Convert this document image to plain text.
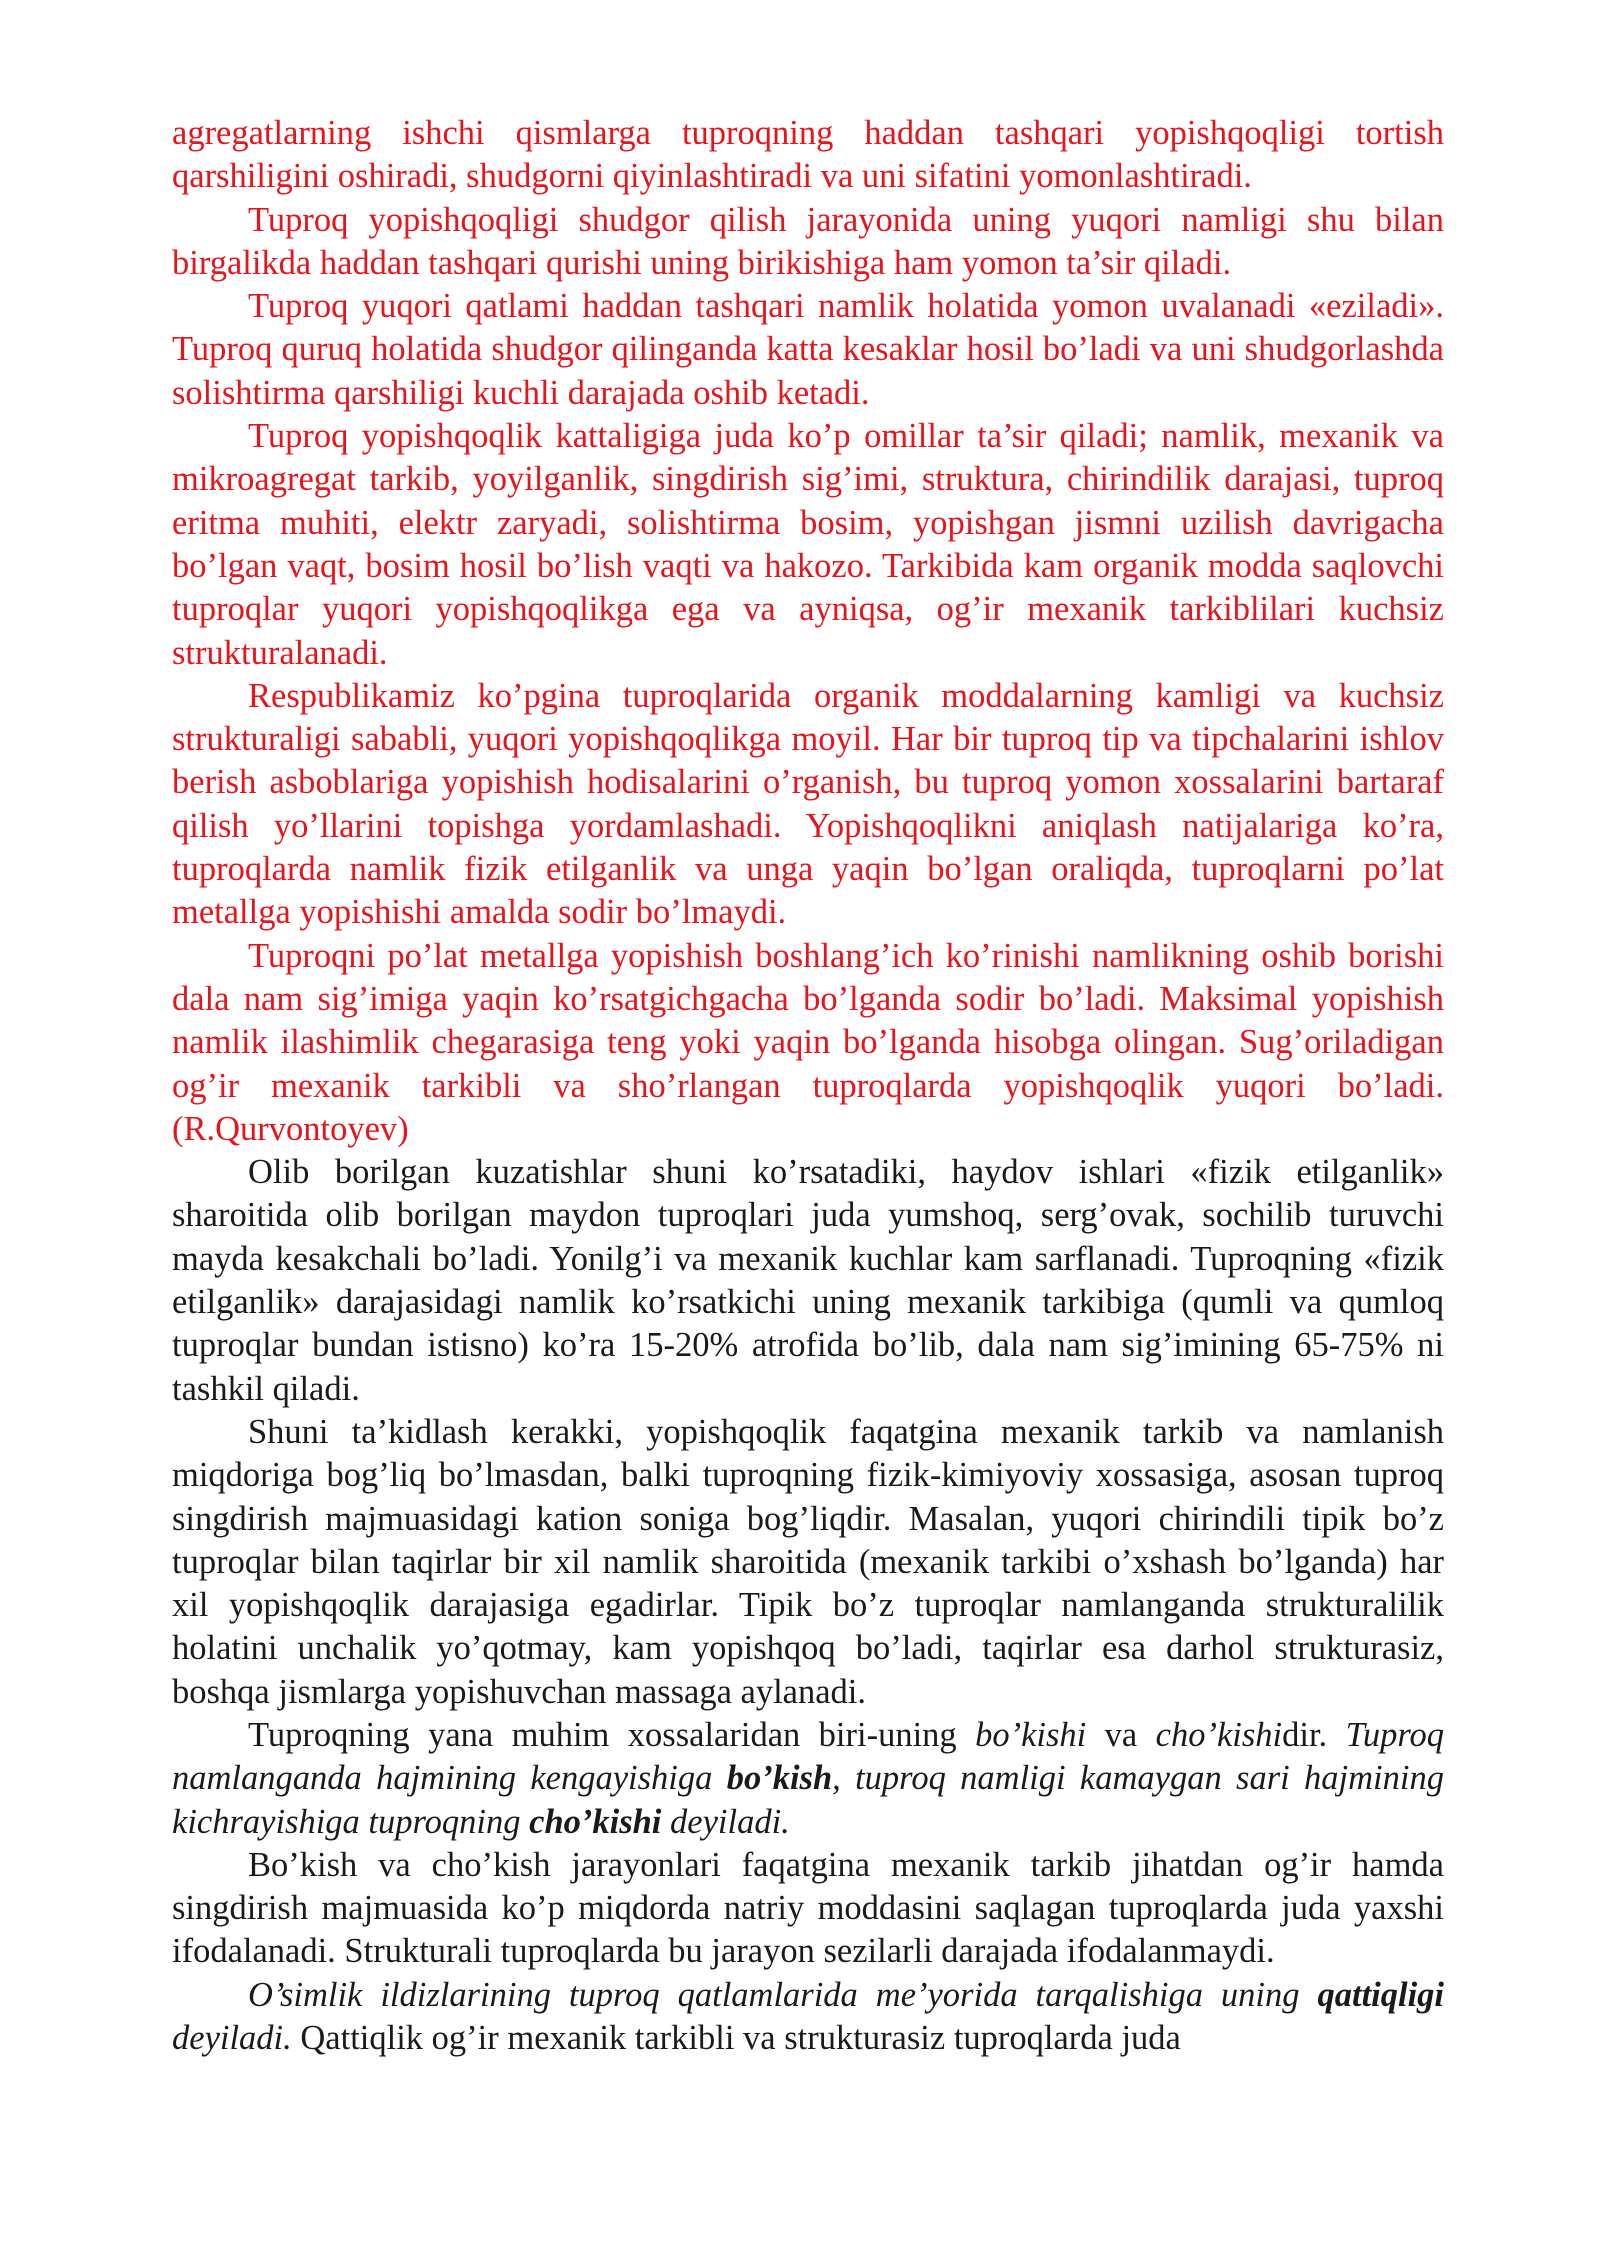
agregatlarning ishchi qismlarga tuproqning haddan tashqari yopishqoqligi tortish qarshiligini oshiradi, shudgorni qiyinlashtiradi va uni sifatini yomonlashtiradi.

Tuproq yopishqoqligi shudgor qilish jarayonida uning yuqori namligi shu bilan birgalikda haddan tashqari qurishi uning birikishiga ham yomon ta’sir qiladi.

Tuproq yuqori qatlami haddan tashqari namlik holatida yomon uvalanadi «eziladi». Tuproq quruq holatida shudgor qilinganda katta kesaklar hosil bo’ladi va uni shudgorlashda solishtirma qarshiligi kuchli darajada oshib ketadi.

Tuproq yopishqoqlik kattaligiga juda ko’p omillar ta’sir qiladi; namlik, mexanik va mikroagregat tarkib, yoyilganlik, singdirish sig’imi, struktura, chirindilik darajasi, tuproq eritma muhiti, elektr zaryadi, solishtirma bosim, yopishgan jismni uzilish davrigacha bo’lgan vaqt, bosim hosil bo’lish vaqti va hakozo. Tarkibida kam organik modda saqlovchi tuproqlar yuqori yopishqoqlikga ega va ayniqsa, og’ir mexanik tarkiblilari kuchsiz strukturalanadi.

Respublikamiz ko’pgina tuproqlarida organik moddalarning kamligi va kuchsiz strukturaligi sababli, yuqori yopishqoqlikga moyil. Har bir tuproq tip va tipchalarini ishlov berish asboblariga yopishish hodisalarini o’rganish, bu tuproq yomon xossalarini bartaraf qilish yo’llarini topishga yordamlashadi. Yopishqoqlikni aniqlash natijalariga ko’ra, tuproqlarda namlik fizik etilganlik va unga yaqin bo’lgan oraliqda, tuproqlarni po’lat metallga yopishishi amalda sodir bo’lmaydi.

Tuproqni po’lat metallga yopishish boshlang’ich ko’rinishi namlikning oshib borishi dala nam sig’imiga yaqin ko’rsatgichgacha bo’lganda sodir bo’ladi. Maksimal yopishish namlik ilashimlik chegarasiga teng yoki yaqin bo’lganda hisobga olingan. Sug’oriladigan og’ir mexanik tarkibli va sho’rlangan tuproqlarda yopishqoqlik yuqori bo’ladi.(R.Qurvontoyev)

Olib borilgan kuzatishlar shuni ko’rsatadiki, haydov ishlari «fizik etilganlik» sharoitida olib borilgan maydon tuproqlari juda yumshoq, serg’ovak, sochilib turuvchi mayda kesakchali bo’ladi. Yonilg’i va mexanik kuchlar kam sarflanadi. Tuproqning «fizik etilganlik» darajasidagi namlik ko’rsatkichi uning mexanik tarkibiga (qumli va qumloq tuproqlar bundan istisno) ko’ra 15-20% atrofida bo’lib, dala nam sig’imining 65-75% ni tashkil qiladi.

Shuni ta’kidlash kerakki, yopishqoqlik faqatgina mexanik tarkib va namlanish miqdoriga bog’liq bo’lmasdan, balki tuproqning fizik-kimiyoviy xossasiga, asosan tuproq singdirish majmuasidagi kation soniga bog’liqdir. Masalan, yuqori chirindili tipik bo’z tuproqlar bilan taqirlar bir xil namlik sharoitida (mexanik tarkibi o’xshash bo’lganda) har xil yopishqoqlik darajasiga egadirlar. Tipik bo’z tuproqlar namlanganda strukturalilik holatini unchalik yo’qotmay, kam yopishqoq bo’ladi, taqirlar esa darhol strukturasiz, boshqa jismlarga yopishuvchan massaga aylanadi.

Tuproqning yana muhim xossalaridan biri-uning bo’kishi va cho’kishidir. Tuproq namlanganda hajmining kengayishiga bo’kish, tuproq namligi kamaygan sari hajmining kichrayishiga tuproqning cho’kishi deyiladi.

Bo’kish va cho’kish jarayonlari faqatgina mexanik tarkib jihatdan og’ir hamda singdirish majmuasida ko’p miqdorda natriy moddasini saqlagan tuproqlarda juda yaxshi ifodalanadi. Strukturali tuproqlarda bu jarayon sezilarli darajada ifodalanmaydi.

O’simlik ildizlarining tuproq qatlamlarida me’yorida tarqalishiga uning qattiqligi deyiladi. Qattiqlik og’ir mexanik tarkibli va strukturasiz tuproqlarda juda
